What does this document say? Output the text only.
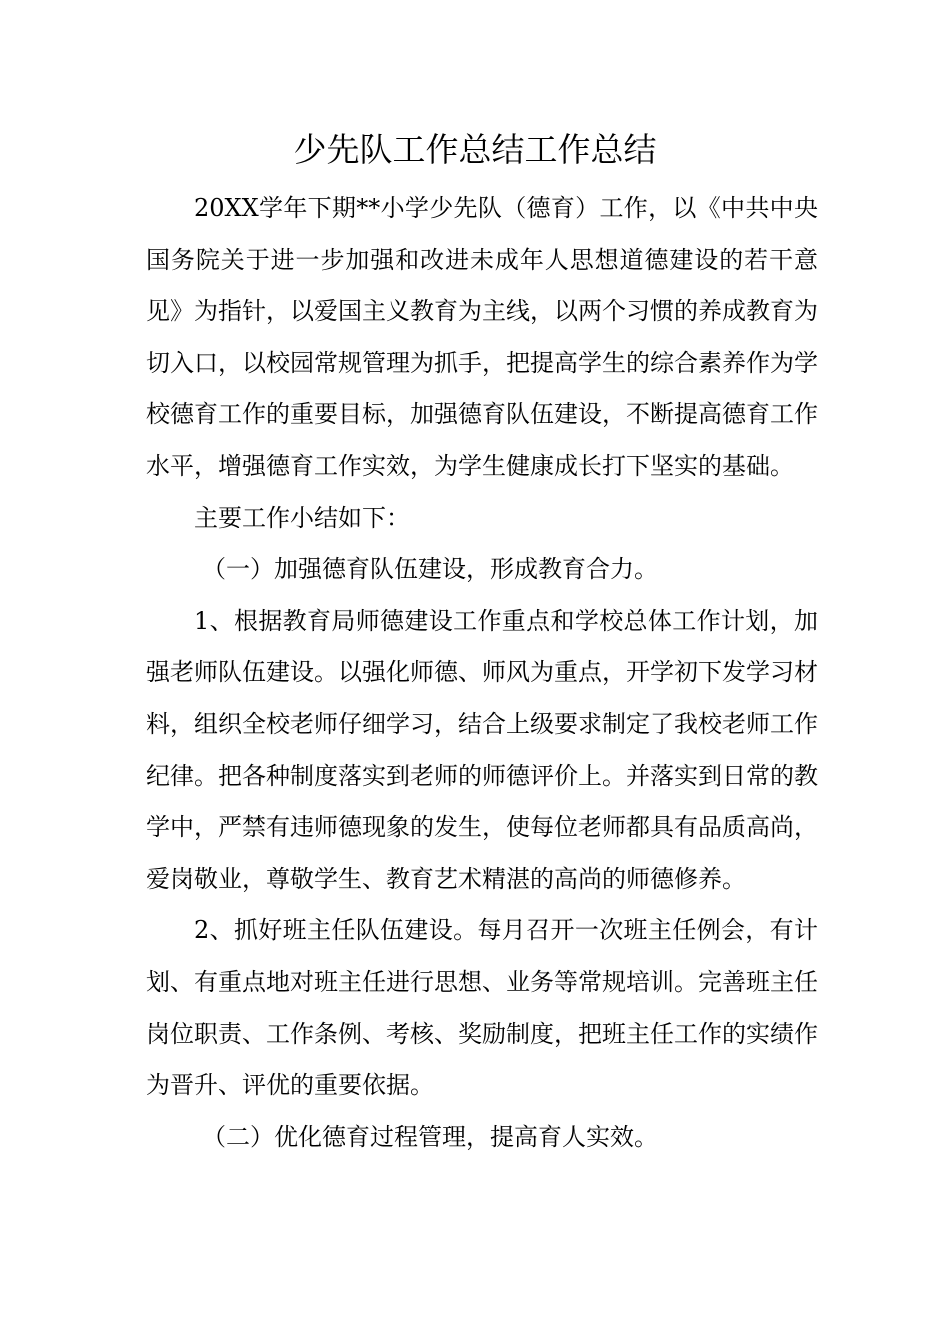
少先队工作总结工作总结

20XX学年下期**小学少先队（德育）工作，以《中共中央国务院关于进一步加强和改进未成年人思想道德建设的若干意见》为指针，以爱国主义教育为主线，以两个习惯的养成教育为切入口，以校园常规管理为抓手，把提高学生的综合素养作为学校德育工作的重要目标，加强德育队伍建设，不断提高德育工作水平，增强德育工作实效，为学生健康成长打下坚实的基础。

主要工作小结如下：

（一）加强德育队伍建设，形成教育合力。

1、根据教育局师德建设工作重点和学校总体工作计划，加强老师队伍建设。以强化师德、师风为重点，开学初下发学习材料，组织全校老师仔细学习，结合上级要求制定了我校老师工作纪律。把各种制度落实到老师的师德评价上。并落实到日常的教学中，严禁有违师德现象的发生，使每位老师都具有品质高尚，爱岗敬业，尊敬学生、教育艺术精湛的高尚的师德修养。

2、抓好班主任队伍建设。每月召开一次班主任例会，有计划、有重点地对班主任进行思想、业务等常规培训。完善班主任岗位职责、工作条例、考核、奖励制度，把班主任工作的实绩作为晋升、评优的重要依据。

（二）优化德育过程管理，提高育人实效。
